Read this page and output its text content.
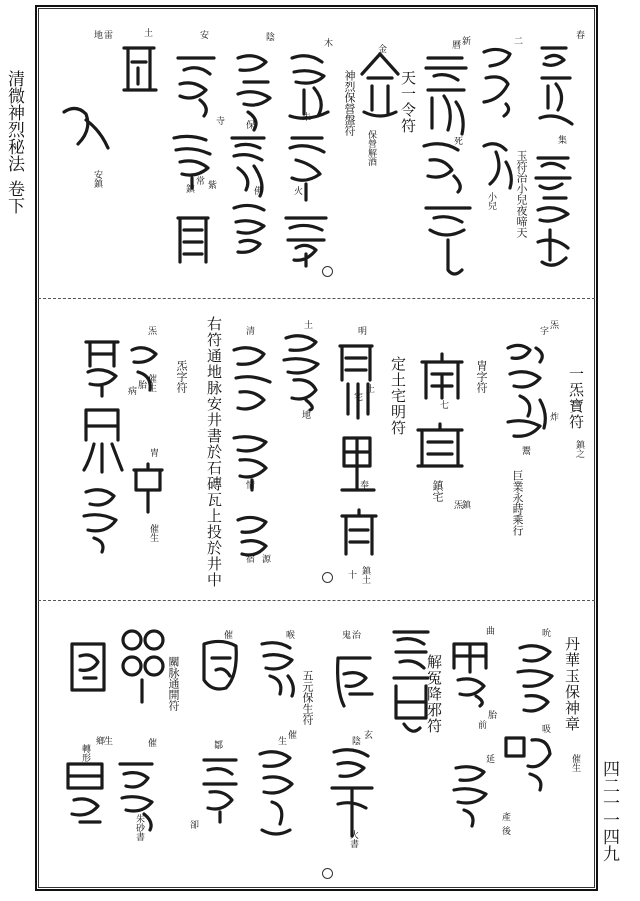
清微神烈秘法卷下
四二一一四九
春
集
玉符治小兒夜啼天
二
小兒
新
曆
死
天一令符
金
神烈保營盤符
保營解酒
木
未
火
陰
保
佛
安
寺
紫
常
鎮
雷
地	土
安鎮
一炁寶符
鎮之
炁
字
炸
鬻
巨業永蒔乘行
胄字符
七
鎮宅
炁
鎮
定土宅明符
明
土
宅
奉
鎮土
十
土
地
右符通地脉安井書於石磚瓦上投於井中 清
情
源
宿
炁字符
炁
催生
胎
病
胄
催生
丹華玉保神章
催生
吮
吸
曲
胎
前
延
產
後
解冤降邪符
治
鬼
玄
陰
火書
五元保生符
喉
催
生
催
鄒
卻
關脉通開符
催
朱砂書
生
鄉
轉形
